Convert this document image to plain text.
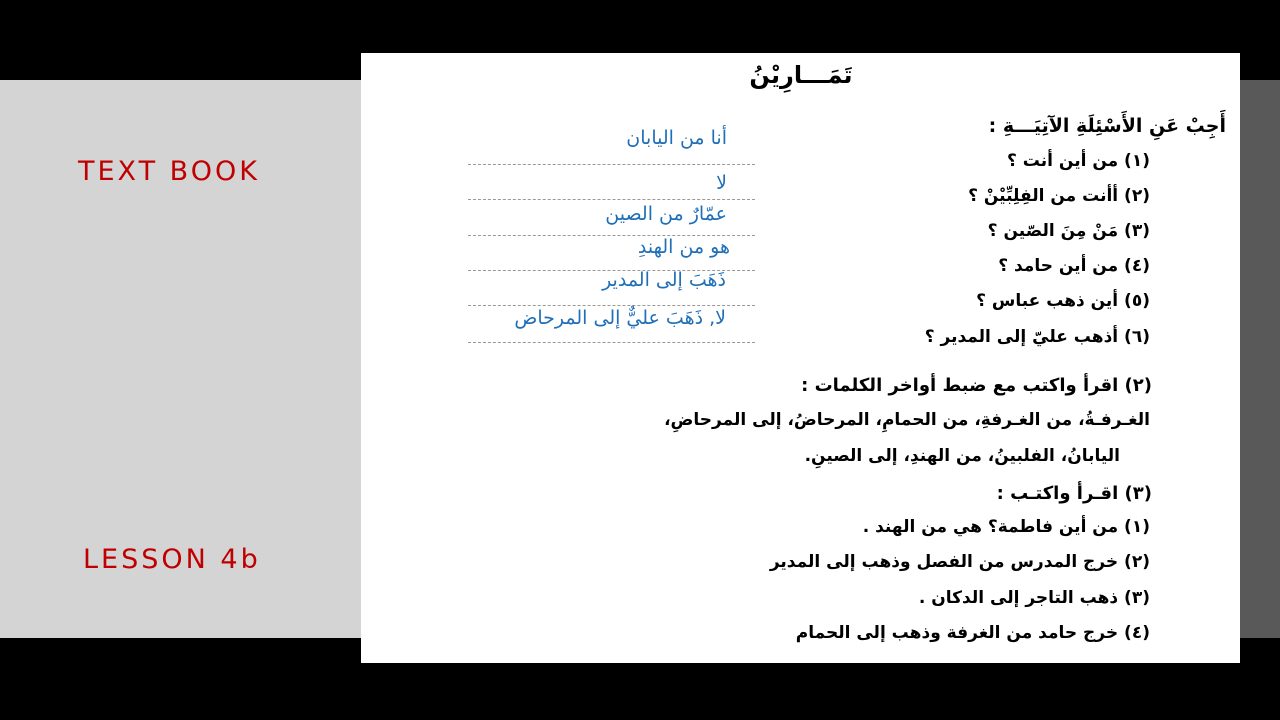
TEXT BOOK
LESSON 4b
تَمَـــارِيْنُ
أَجِبْ عَنِ الأَسْئِلَةِ الآتِيَـــةِ :
(١) من أين أنت ؟
(٢) أأنت من الفِلِبِّيْنْ ؟
(٣) مَنْ مِنَ الصّين ؟
(٤) من أين حامد ؟
(٥) أين ذهب عباس ؟
(٦) أذهب عليّ إلى المدير ؟
أنا من اليابان
لا
عمّارٌ من الصين
هو من الهندِ
ذَهَبَ إلى المدير
لا, ذَهَبَ عليٌّ إلى المرحاض
(٢) اقرأ واكتب مع ضبط أواخر الكلمات :
الغـرفـةُ، من الغـرفةِ، من الحمامِ، المرحاضُ، إلى المرحاضِ،
اليابانُ، الفلبينُ، من الهندِ، إلى الصينِ.
(٣) اقـرأ واكتـب :
(١) من أين فاطمة؟ هي من الهند .
(٢) خرج المدرس من الفصل وذهب إلى المدير
(٣) ذهب التاجر إلى الدكان .
(٤) خرج حامد من الغرفة وذهب إلى الحمام
